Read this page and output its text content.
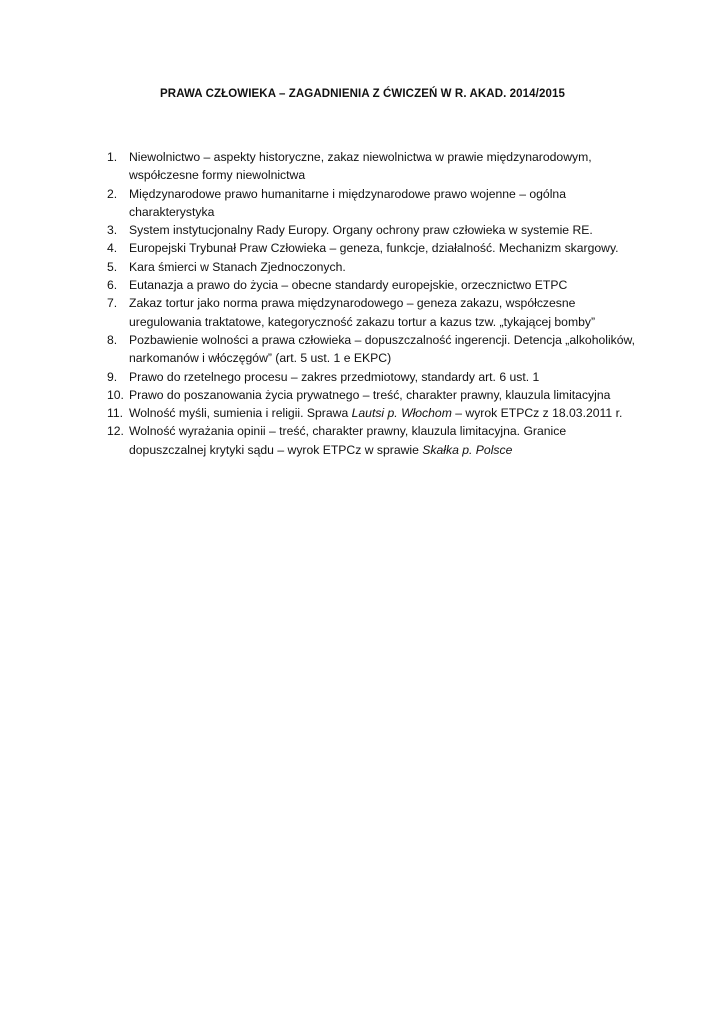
PRAWA CZŁOWIEKA – ZAGADNIENIA Z ĆWICZEŃ W R. AKAD. 2014/2015
1. Niewolnictwo – aspekty historyczne, zakaz niewolnictwa w prawie międzynarodowym,
współczesne formy niewolnictwa
2. Międzynarodowe prawo humanitarne i międzynarodowe prawo wojenne – ogólna
charakterystyka
3. System instytucjonalny Rady Europy. Organy ochrony praw człowieka w systemie RE.
4. Europejski Trybunał Praw Człowieka – geneza, funkcje, działalność. Mechanizm skargowy.
5. Kara śmierci w Stanach Zjednoczonych.
6. Eutanazja a prawo do życia – obecne standardy europejskie, orzecznictwo ETPC
7. Zakaz tortur jako norma prawa międzynarodowego – geneza zakazu, współczesne
uregulowania traktatowe, kategoryczność zakazu tortur a kazus tzw. „tykającej bomby”
8. Pozbawienie wolności a prawa człowieka – dopuszczalność ingerencji. Detencja „alkoholików,
narkomanów i włóczęgów” (art. 5 ust. 1 e EKPC)
9. Prawo do rzetelnego procesu – zakres przedmiotowy, standardy art. 6 ust. 1
10. Prawo do poszanowania życia prywatnego – treść, charakter prawny, klauzula limitacyjna
11. Wolność myśli, sumienia i religii. Sprawa Lautsi p. Włochom – wyrok ETPCz z 18.03.2011 r.
12. Wolność wyrażania opinii – treść, charakter prawny, klauzula limitacyjna. Granice
dopuszczalnej krytyki sądu – wyrok ETPCz w sprawie Skałka p. Polsce
